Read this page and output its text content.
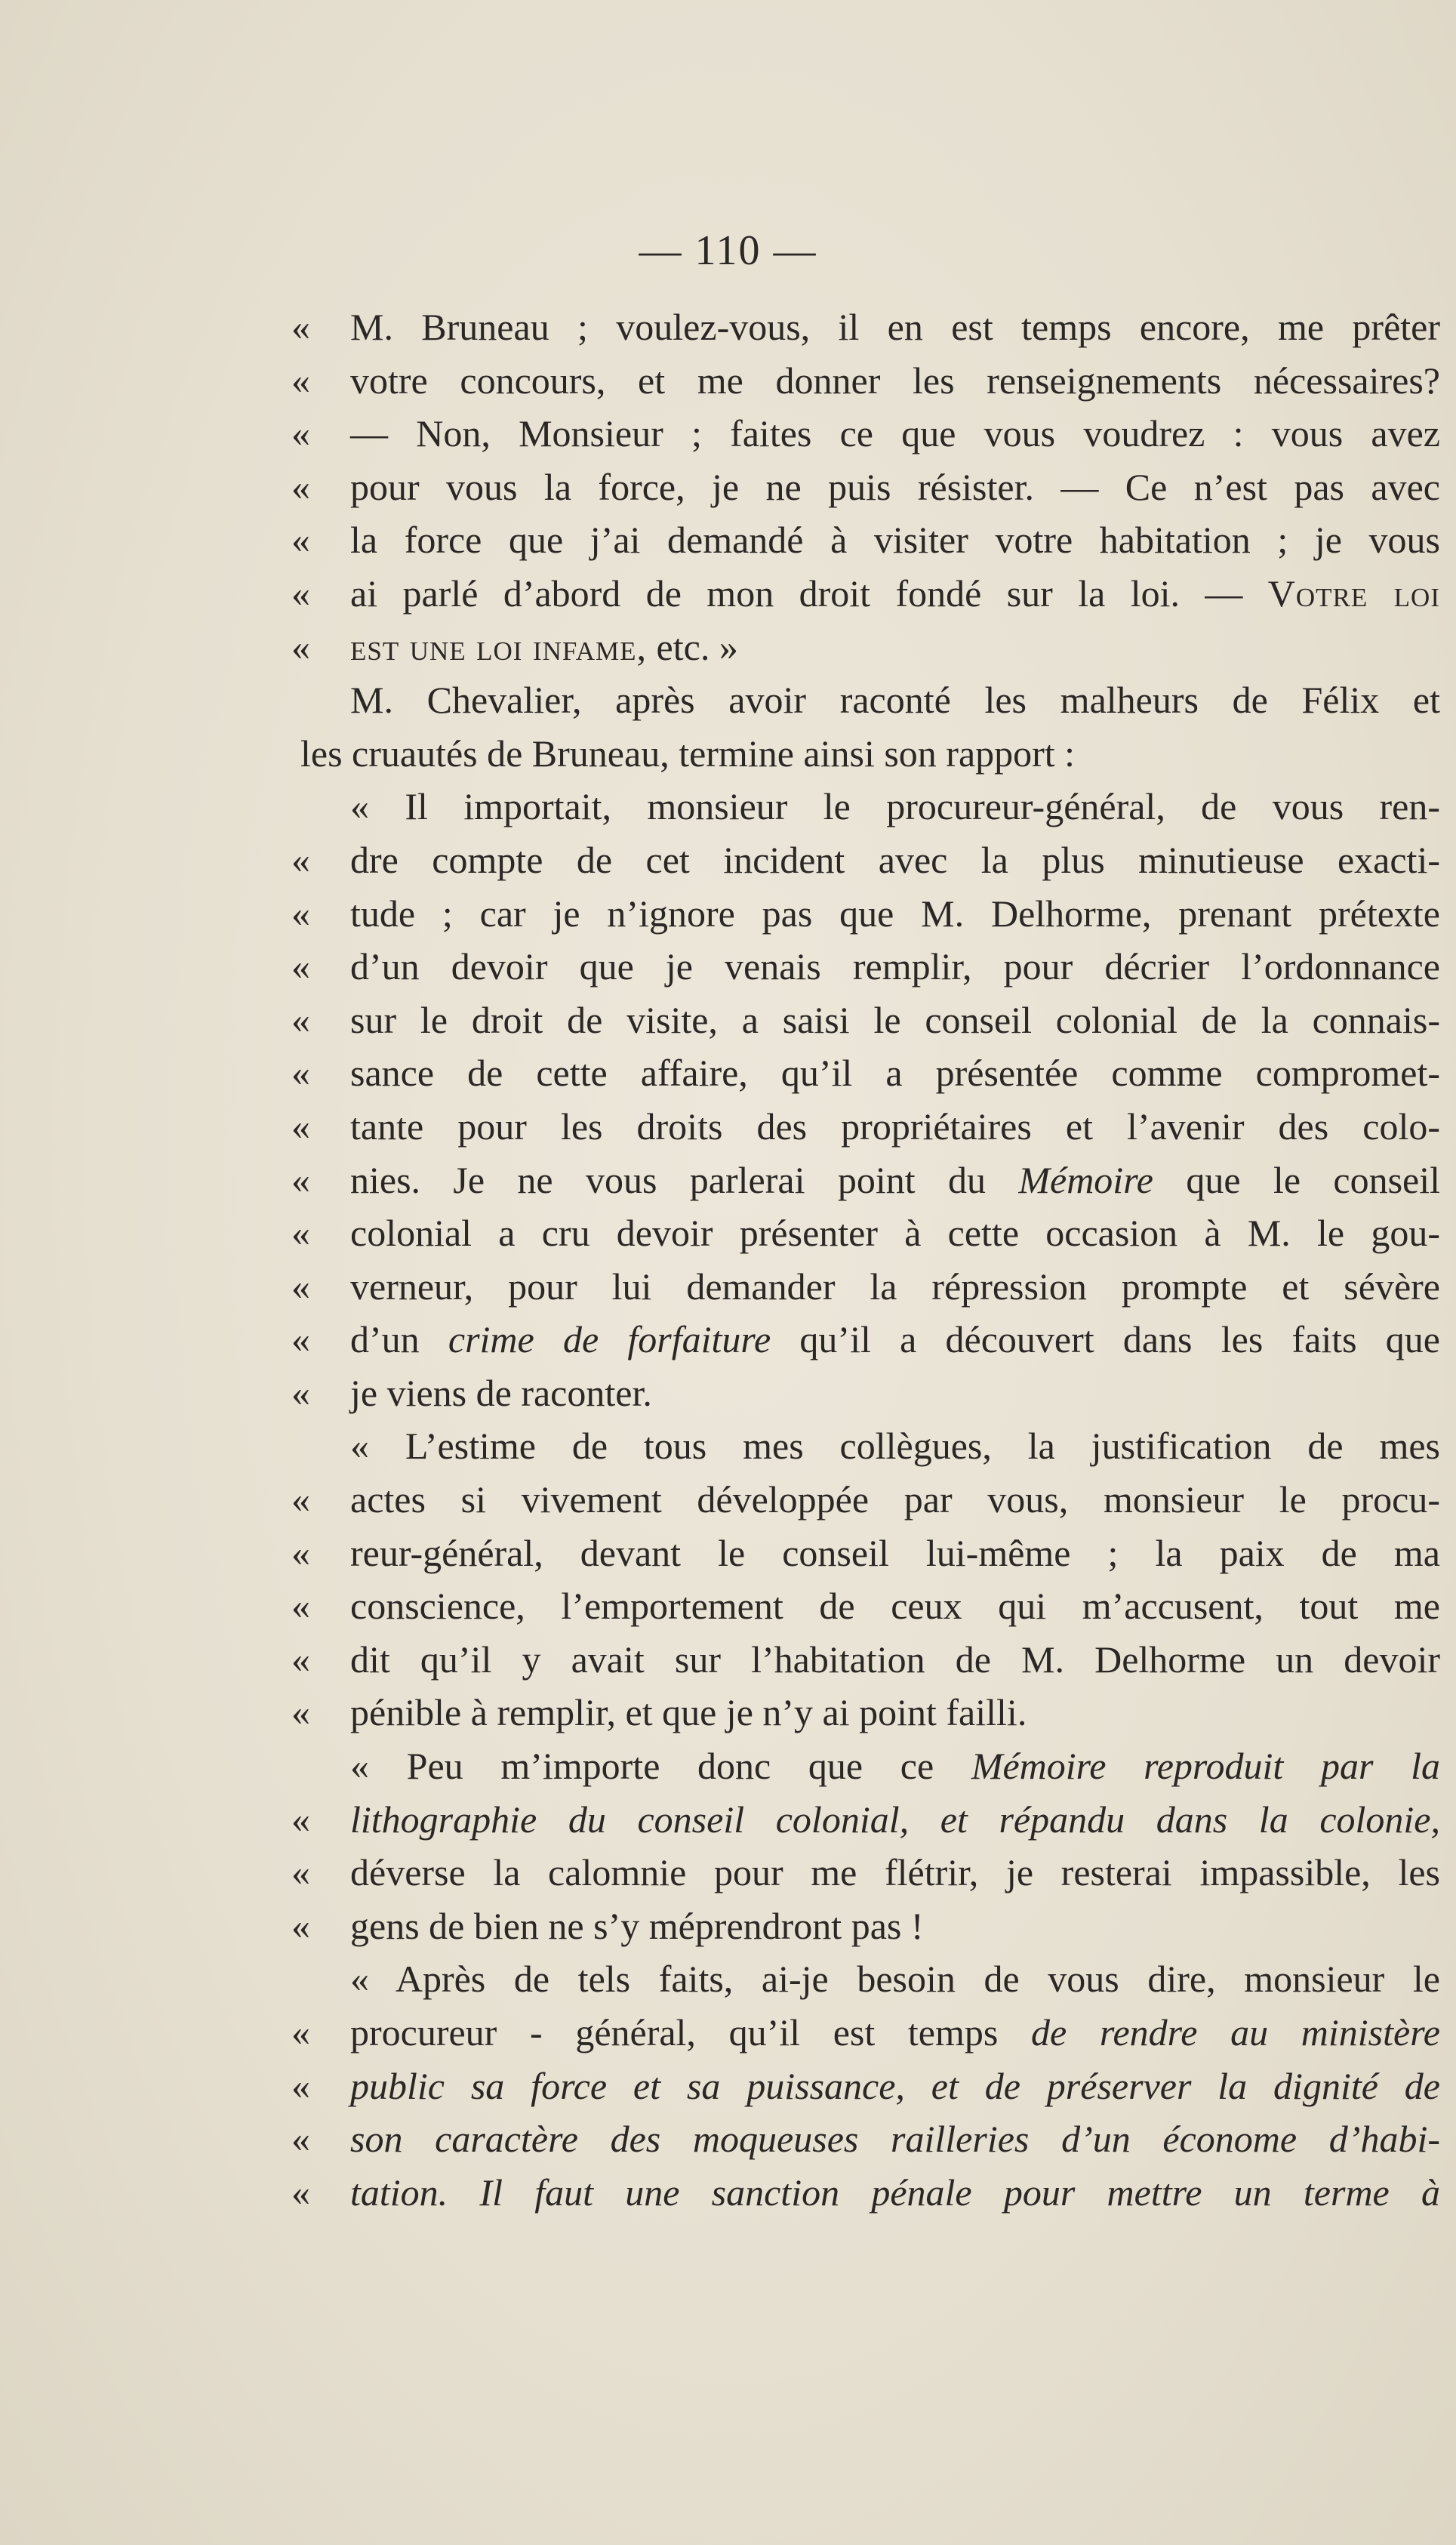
— 110 —
«	M. Bruneau ; voulez-vous, il en est temps encore, me prêter
«	votre concours, et me donner les renseignements nécessaires?
«	— Non, Monsieur ; faites ce que vous voudrez : vous avez
«	pour vous la force, je ne puis résister. — Ce n’est pas avec
«	la force que j’ai demandé à visiter votre habitation ; je vous
«	ai parlé d’abord de mon droit fondé sur la loi. — Votre loi
«	est une loi infame, etc. »
M. Chevalier, après avoir raconté les malheurs de Félix et
les cruautés de Bruneau, termine ainsi son rapport :
« Il importait, monsieur le procureur-général, de vous ren-
«	dre compte de cet incident avec la plus minutieuse exacti-
«	tude ; car je n’ignore pas que M. Delhorme, prenant prétexte
«	d’un devoir que je venais remplir, pour décrier l’ordonnance
«	sur le droit de visite, a saisi le conseil colonial de la connais-
«	sance de cette affaire, qu’il a présentée comme compromet-
«	tante pour les droits des propriétaires et l’avenir des colo-
«	nies. Je ne vous parlerai point du Mémoire que le conseil
«	colonial a cru devoir présenter à cette occasion à M. le gou-
«	verneur, pour lui demander la répression prompte et sévère
«	d’un crime de forfaiture qu’il a découvert dans les faits que
«	je viens de raconter.
« L’estime de tous mes collègues, la justification de mes
«	actes si vivement développée par vous, monsieur le procu-
«	reur-général, devant le conseil lui-même ; la paix de ma
«	conscience, l’emportement de ceux qui m’accusent, tout me
«	dit qu’il y avait sur l’habitation de M. Delhorme un devoir
«	pénible à remplir, et que je n’y ai point failli.
« Peu m’importe donc que ce Mémoire reproduit par la
«	lithographie du conseil colonial, et répandu dans la colonie,
«	déverse la calomnie pour me flétrir, je resterai impassible, les
«	gens de bien ne s’y méprendront pas !
« Après de tels faits, ai-je besoin de vous dire, monsieur le
«	procureur - général, qu’il est temps de rendre au ministère
«	public sa force et sa puissance, et de préserver la dignité de
«	son caractère des moqueuses railleries d’un économe d’habi-
«	tation. Il faut une sanction pénale pour mettre un terme à
